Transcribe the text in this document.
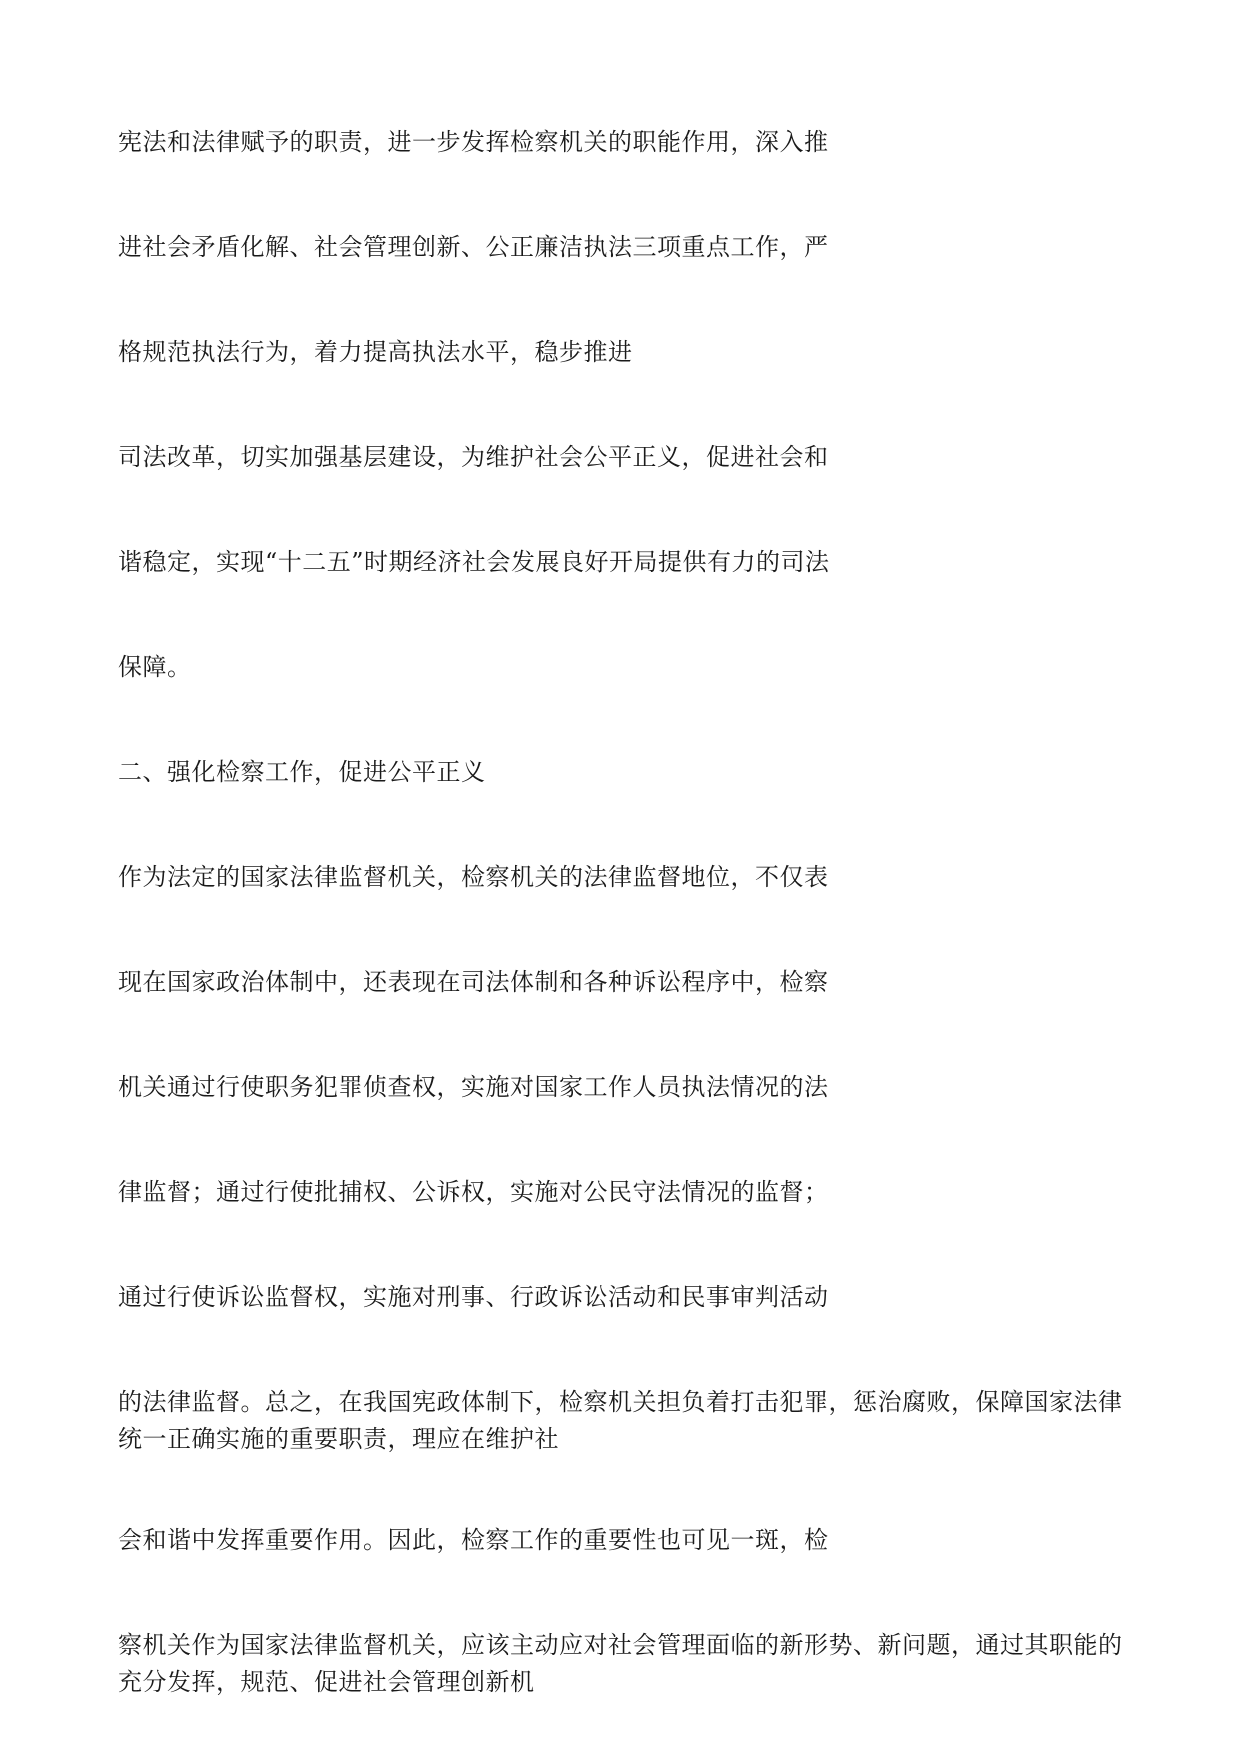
宪法和法律赋予的职责，进一步发挥检察机关的职能作用，深入推

进社会矛盾化解、社会管理创新、公正廉洁执法三项重点工作，严

格规范执法行为，着力提高执法水平，稳步推进

司法改革，切实加强基层建设，为维护社会公平正义，促进社会和

谐稳定，实现“十二五”时期经济社会发展良好开局提供有力的司法

保障。

二、强化检察工作，促进公平正义

作为法定的国家法律监督机关，检察机关的法律监督地位，不仅表

现在国家政治体制中，还表现在司法体制和各种诉讼程序中，检察

机关通过行使职务犯罪侦查权，实施对国家工作人员执法情况的法

律监督；通过行使批捕权、公诉权，实施对公民守法情况的监督；

通过行使诉讼监督权，实施对刑事、行政诉讼活动和民事审判活动

的法律监督。总之，在我国宪政体制下，检察机关担负着打击犯罪，惩治腐败，保障国家法律统一正确实施的重要职责，理应在维护社

会和谐中发挥重要作用。因此，检察工作的重要性也可见一斑，检

察机关作为国家法律监督机关，应该主动应对社会管理面临的新形势、新问题，通过其职能的充分发挥，规范、促进社会管理创新机
